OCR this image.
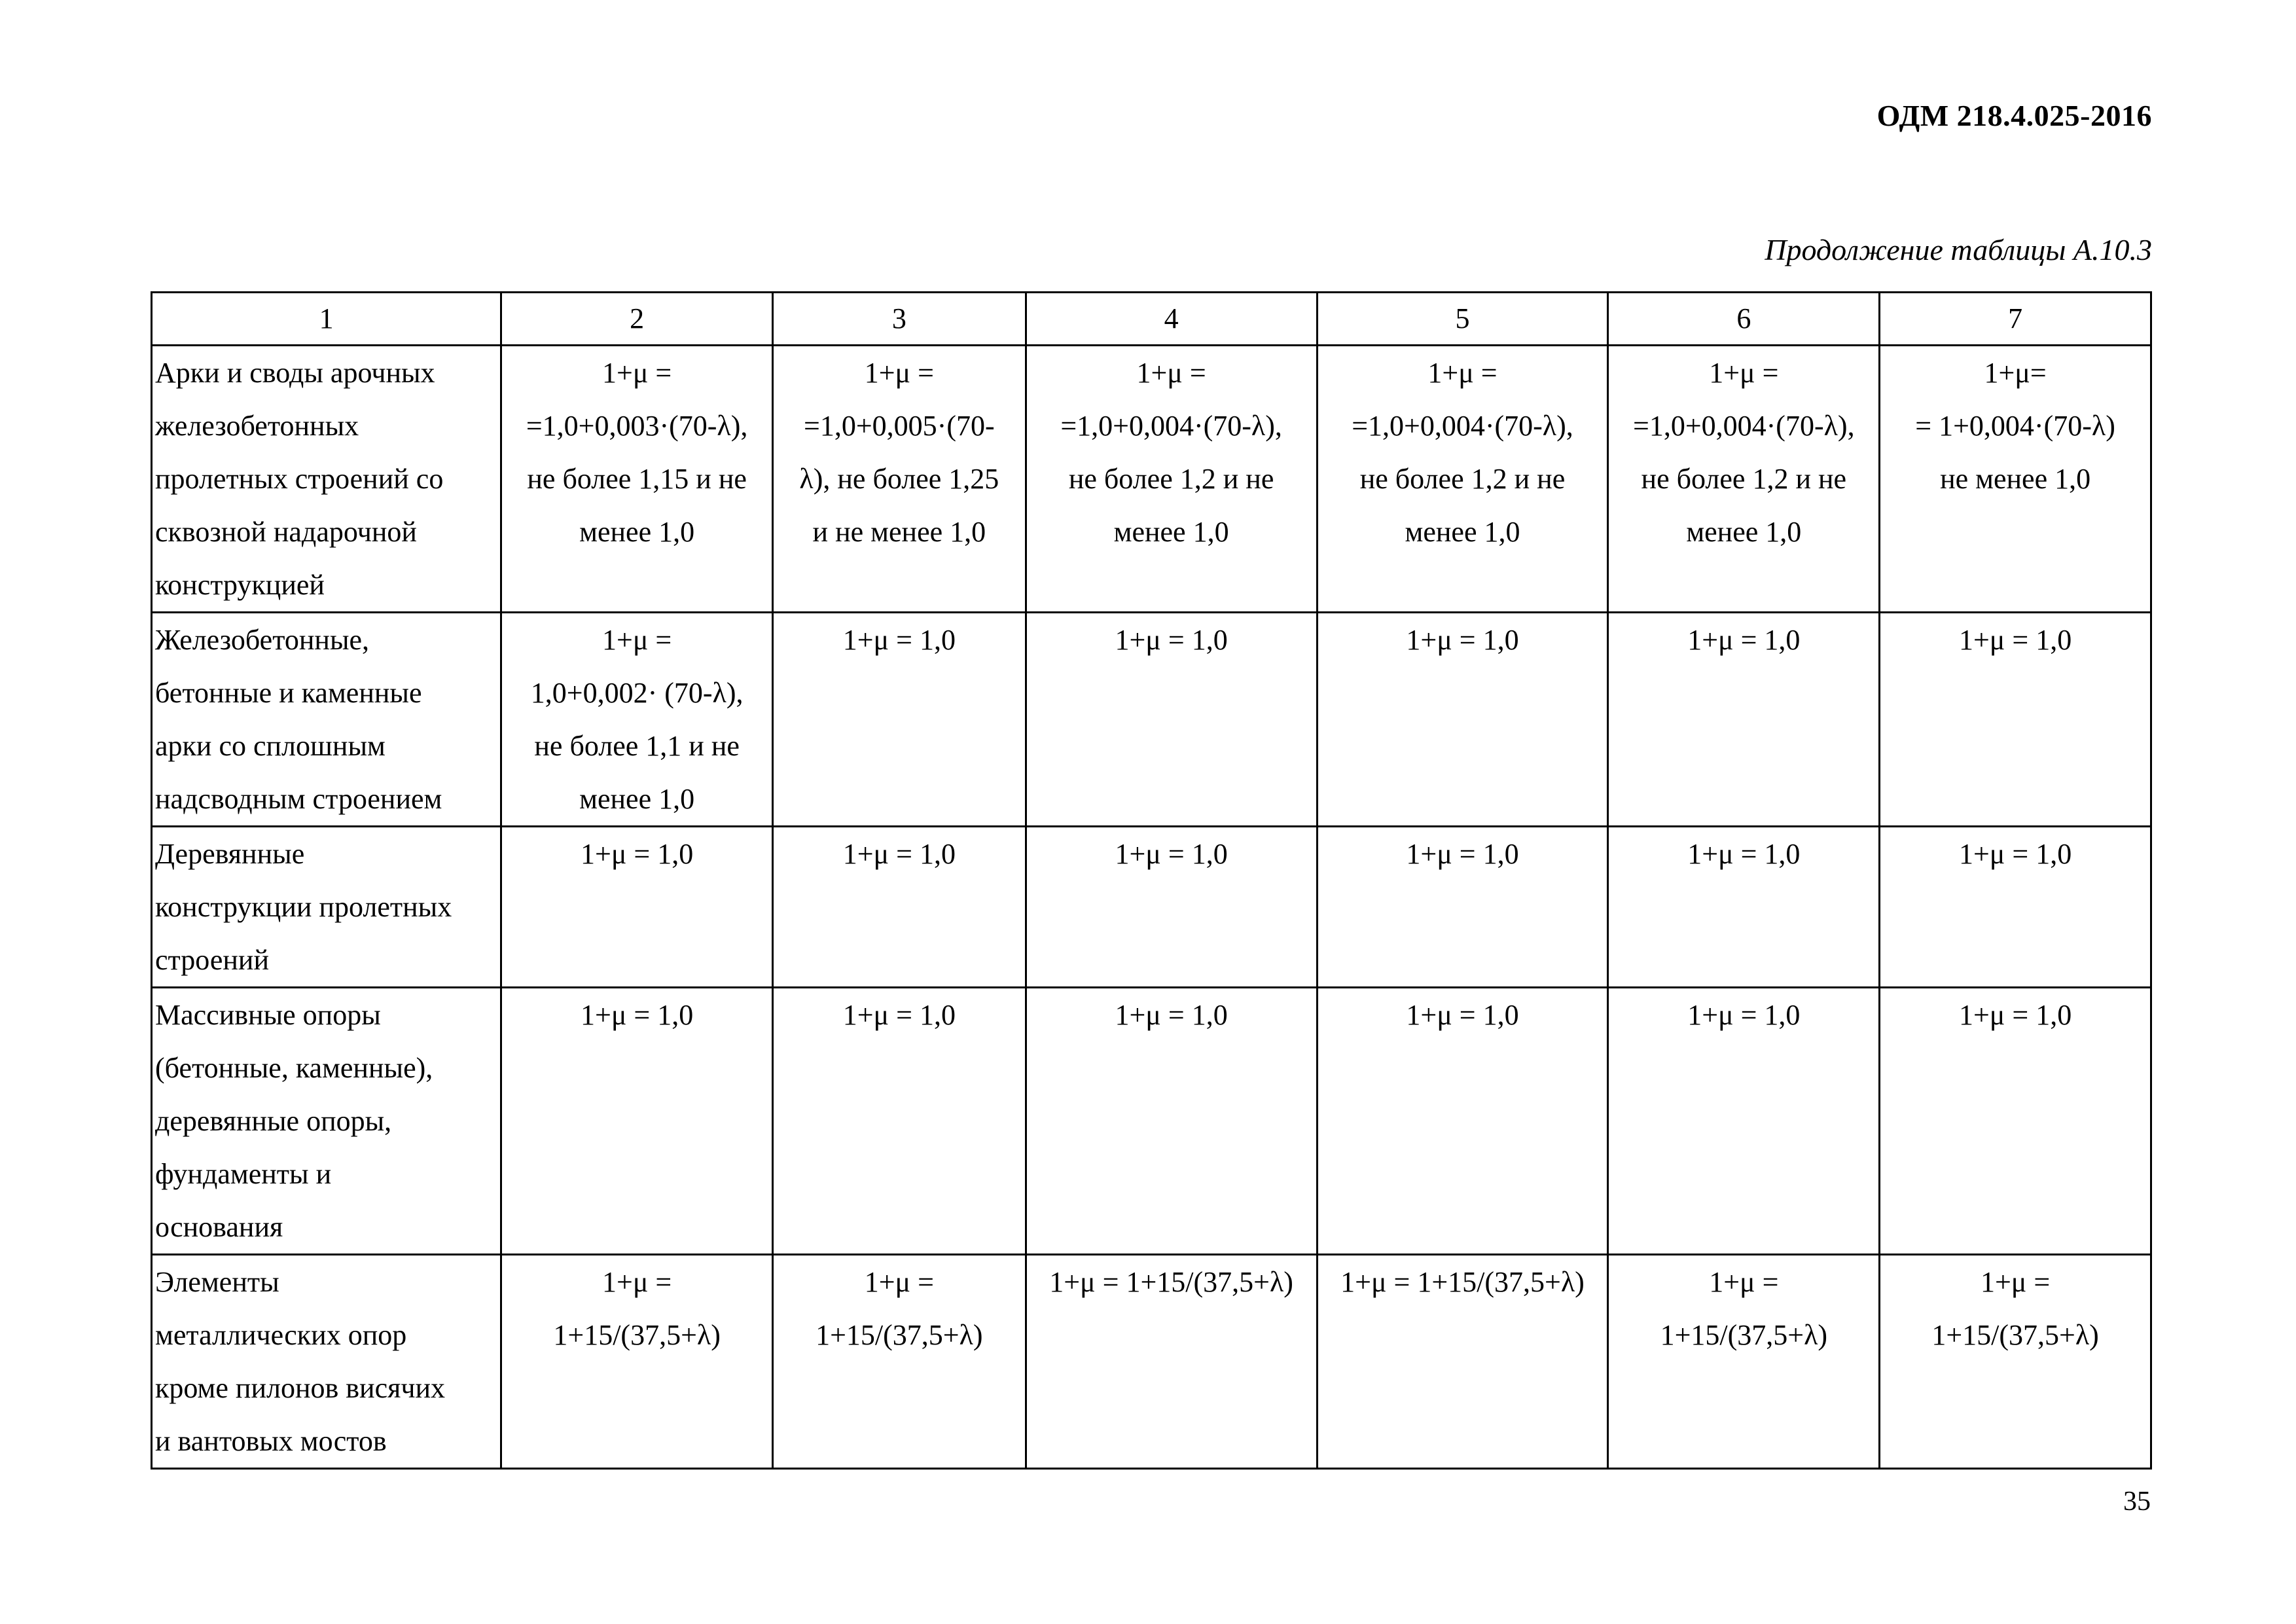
ОДМ 218.4.025-2016
Продолжение таблицы А.10.3
1	2	3	4	5	6	7

Арки и своды арочных
железобетонных
пролетных строений со
сквозной надарочной
конструкцией	1+μ =
=1,0+0,003·(70-λ),
не более 1,15 и не
менее 1,0	1+μ =
=1,0+0,005·(70-
λ), не более 1,25
и не менее 1,0	1+μ =
=1,0+0,004·(70-λ),
не более 1,2 и не
менее 1,0	1+μ =
=1,0+0,004·(70-λ),
не более 1,2 и не
менее 1,0	1+μ =
=1,0+0,004·(70-λ),
не более 1,2 и не
менее 1,0	1+μ=
= 1+0,004·(70-λ)
не менее 1,0

Железобетонные,
бетонные и каменные
арки со сплошным
надсводным строением	1+μ =
1,0+0,002· (70-λ),
не более 1,1 и не
менее 1,0	1+μ = 1,0	1+μ = 1,0	1+μ = 1,0	1+μ = 1,0	1+μ = 1,0

Деревянные
конструкции пролетных
строений	1+μ = 1,0	1+μ = 1,0	1+μ = 1,0	1+μ = 1,0	1+μ = 1,0	1+μ = 1,0

Массивные опоры
(бетонные, каменные),
деревянные опоры,
фундаменты и
основания	1+μ = 1,0	1+μ = 1,0	1+μ = 1,0	1+μ = 1,0	1+μ = 1,0	1+μ = 1,0

Элементы
металлических опор
кроме пилонов висячих
и вантовых мостов	1+μ =
1+15/(37,5+λ)	1+μ =
1+15/(37,5+λ)	1+μ = 1+15/(37,5+λ)	1+μ = 1+15/(37,5+λ)	1+μ =
1+15/(37,5+λ)	1+μ =
1+15/(37,5+λ)
35
